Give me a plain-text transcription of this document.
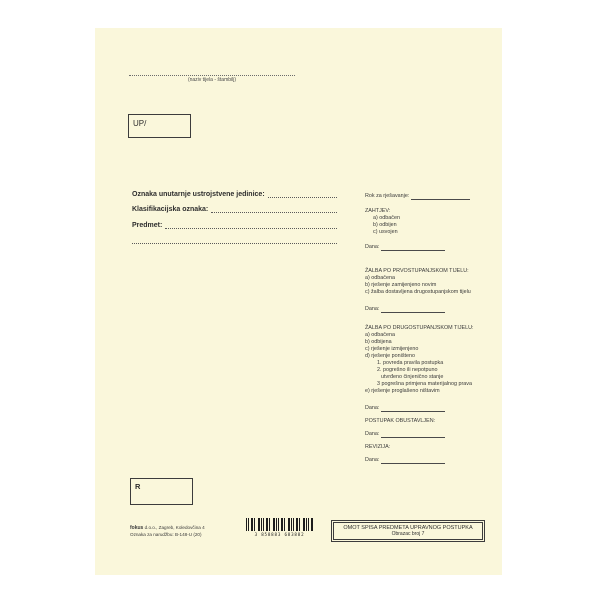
(naziv tijela - štambilj)
UP/
Oznaka unutarnje ustrojstvene jedinice:
Klasifikacijska oznaka:
Predmet:
Rok za rješavanje:
ZAHTJEV:
a) odbačen
b) odbijen
c) usvojen
Dana:
ŽALBA PO PRVOSTUPANJSKOM TIJELU:
a) odbačena
b) rješenje zamijenjeno novim
c) žalba dostavljena drugostupanjskom tijelu
Dana:
ŽALBA PO DRUGOSTUPANJSKOM TIJELU:
a) odbačena
b) odbijena
c) rješenje izmijenjeno
d) rješenje poništeno
1. povreda pravila postupka
2. pogrešno ili nepotpuno
utvrđeno činjenično stanje
3 pogrešna primjena materijalnog prava
e) rješenje proglašeno ništavim
Dana:
POSTUPAK OBUSTAVLJEN:
Dana:
REVIZIJA:
Dana:
R
fokus d.o.o., Zagreb, Koledovčina 4
Oznaka za narudžbu: B-148-U (20)	3 858883 683882
OMOT SPISA PREDMETA UPRAVNOG POSTUPKA
Obrazac broj 7
